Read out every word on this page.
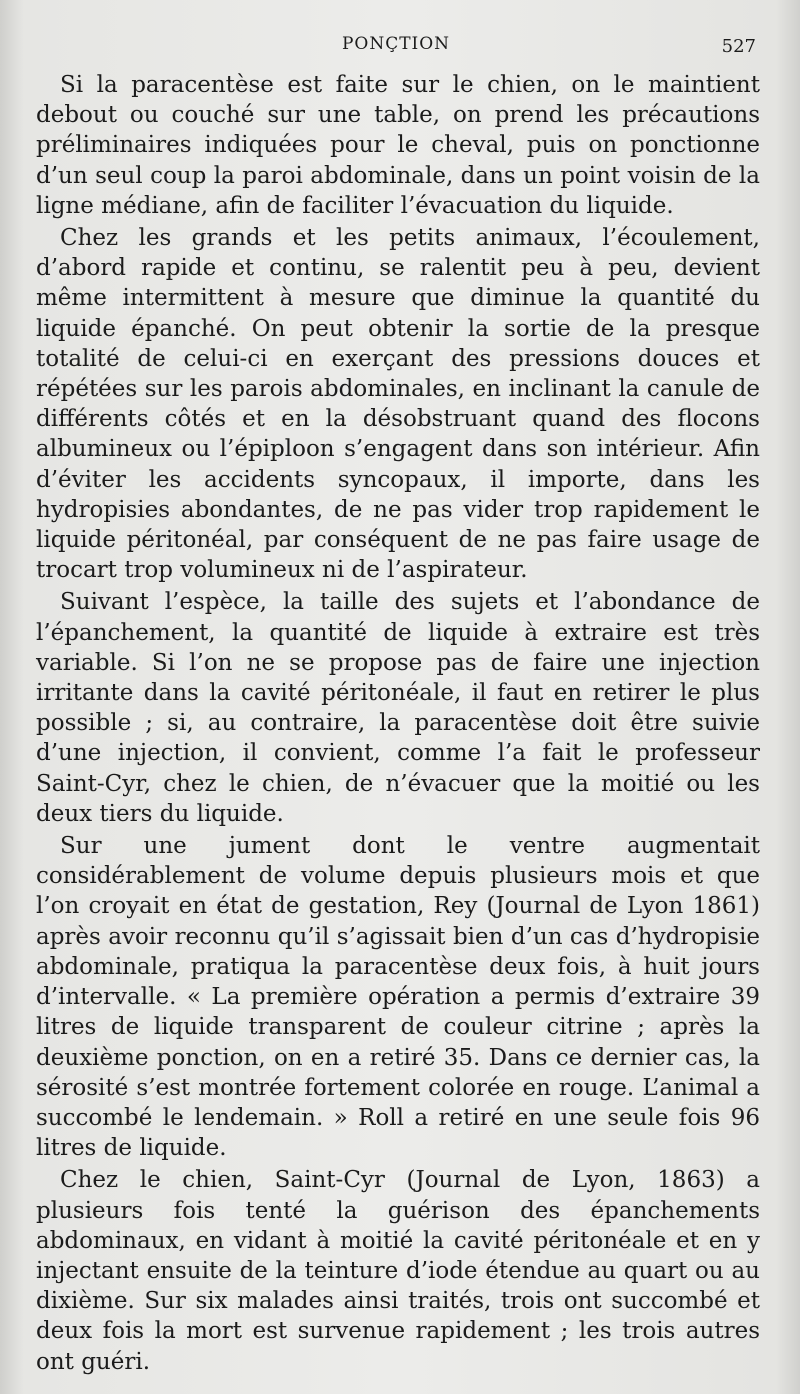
PONÇTION	527

Si la paracentèse est faite sur le chien, on le maintient debout ou couché sur une table, on prend les précautions préliminaires indiquées pour le cheval, puis on ponctionne d’un seul coup la paroi abdominale, dans un point voisin de la ligne médiane, afin de faciliter l’évacuation du liquide.

Chez les grands et les petits animaux, l’écoulement, d’abord rapide et continu, se ralentit peu à peu, devient même intermittent à mesure que diminue la quantité du liquide épanché. On peut obtenir la sortie de la presque totalité de celui-ci en exerçant des pressions douces et répétées sur les parois abdominales, en inclinant la canule de différents côtés et en la désobstruant quand des flocons albumineux ou l’épiploon s’engagent dans son intérieur. Afin d’éviter les accidents syncopaux, il importe, dans les hydropisies abondantes, de ne pas vider trop rapidement le liquide péritonéal, par conséquent de ne pas faire usage de trocart trop volumineux ni de l’aspirateur.

Suivant l’espèce, la taille des sujets et l’abondance de l’épanchement, la quantité de liquide à extraire est très variable. Si l’on ne se propose pas de faire une injection irritante dans la cavité péritonéale, il faut en retirer le plus possible ; si, au contraire, la paracentèse doit être suivie d’une injection, il convient, comme l’a fait le professeur Saint-Cyr, chez le chien, de n’évacuer que la moitié ou les deux tiers du liquide.

Sur une jument dont le ventre augmentait considérablement de volume depuis plusieurs mois et que l’on croyait en état de gestation, Rey (Journal de Lyon 1861) après avoir reconnu qu’il s’agissait bien d’un cas d’hydropisie abdominale, pratiqua la paracentèse deux fois, à huit jours d’intervalle. « La première opération a permis d’extraire 39 litres de liquide transparent de couleur citrine ; après la deuxième ponction, on en a retiré 35. Dans ce dernier cas, la sérosité s’est montrée fortement colorée en rouge. L’animal a succombé le lendemain. » Roll a retiré en une seule fois 96 litres de liquide.

Chez le chien, Saint-Cyr (Journal de Lyon, 1863) a plusieurs fois tenté la guérison des épanchements abdominaux, en vidant à moitié la cavité péritonéale et en y injectant ensuite de la teinture d’iode étendue au quart ou au dixième. Sur six malades ainsi traités, trois ont succombé et deux fois la mort est survenue rapidement ; les trois autres ont guéri.
